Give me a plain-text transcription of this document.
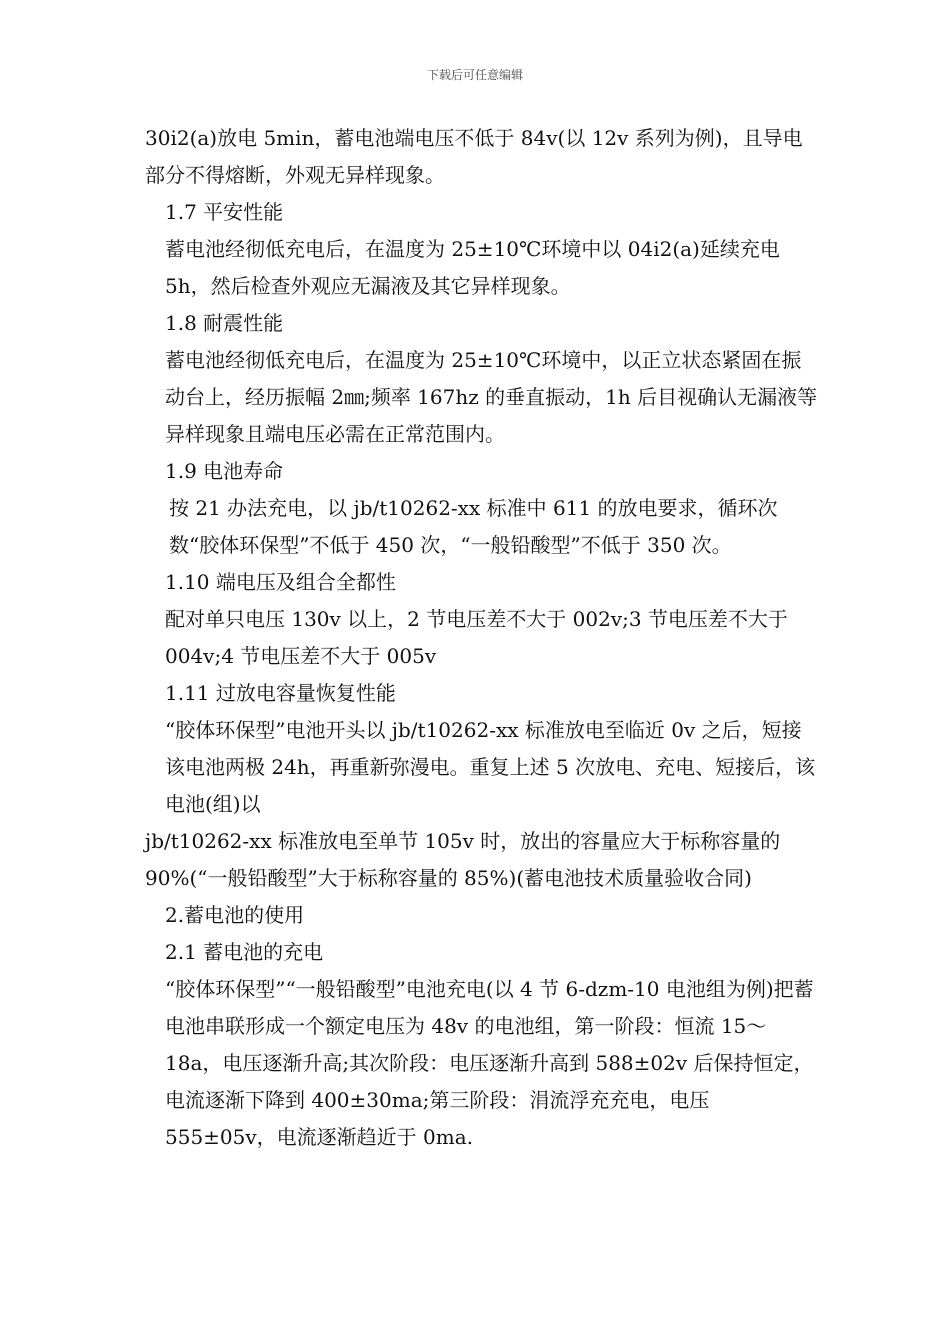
下载后可任意编辑

30i2(a)放电 5min，蓄电池端电压不低于 84v(以 12v 系列为例)，且导电部分不得熔断，外观无异样现象。

1.7 平安性能

蓄电池经彻低充电后，在温度为 25±10℃环境中以 04i2(a)延续充电 5h，然后检查外观应无漏液及其它异样现象。

1.8 耐震性能

蓄电池经彻低充电后，在温度为 25±10℃环境中，以正立状态紧固在振动台上，经历振幅 2㎜;频率 167hz 的垂直振动，1h 后目视确认无漏液等异样现象且端电压必需在正常范围内。

1.9 电池寿命

按 21 办法充电，以 jb/t10262-xx 标准中 611 的放电要求，循环次数“胶体环保型”不低于 450 次，“一般铅酸型”不低于 350 次。

1.10 端电压及组合全都性

配对单只电压 130v 以上，2 节电压差不大于 002v;3 节电压差不大于 004v;4 节电压差不大于 005v

1.11 过放电容量恢复性能

“胶体环保型”电池开头以 jb/t10262-xx 标准放电至临近 0v 之后，短接该电池两极 24h，再重新弥漫电。重复上述 5 次放电、充电、短接后，该电池(组)以

jb/t10262-xx 标准放电至单节 105v 时，放出的容量应大于标称容量的 90%(“一般铅酸型”大于标称容量的 85%)(蓄电池技术质量验收合同)

2.蓄电池的使用

2.1 蓄电池的充电

“胶体环保型”“一般铅酸型”电池充电(以 4 节 6-dzm-10 电池组为例)把蓄电池串联形成一个额定电压为 48v 的电池组，第一阶段：恒流 15～18a，电压逐渐升高;其次阶段：电压逐渐升高到 588±02v 后保持恒定，电流逐渐下降到 400±30ma;第三阶段：涓流浮充充电，电压 555±05v，电流逐渐趋近于 0ma.
